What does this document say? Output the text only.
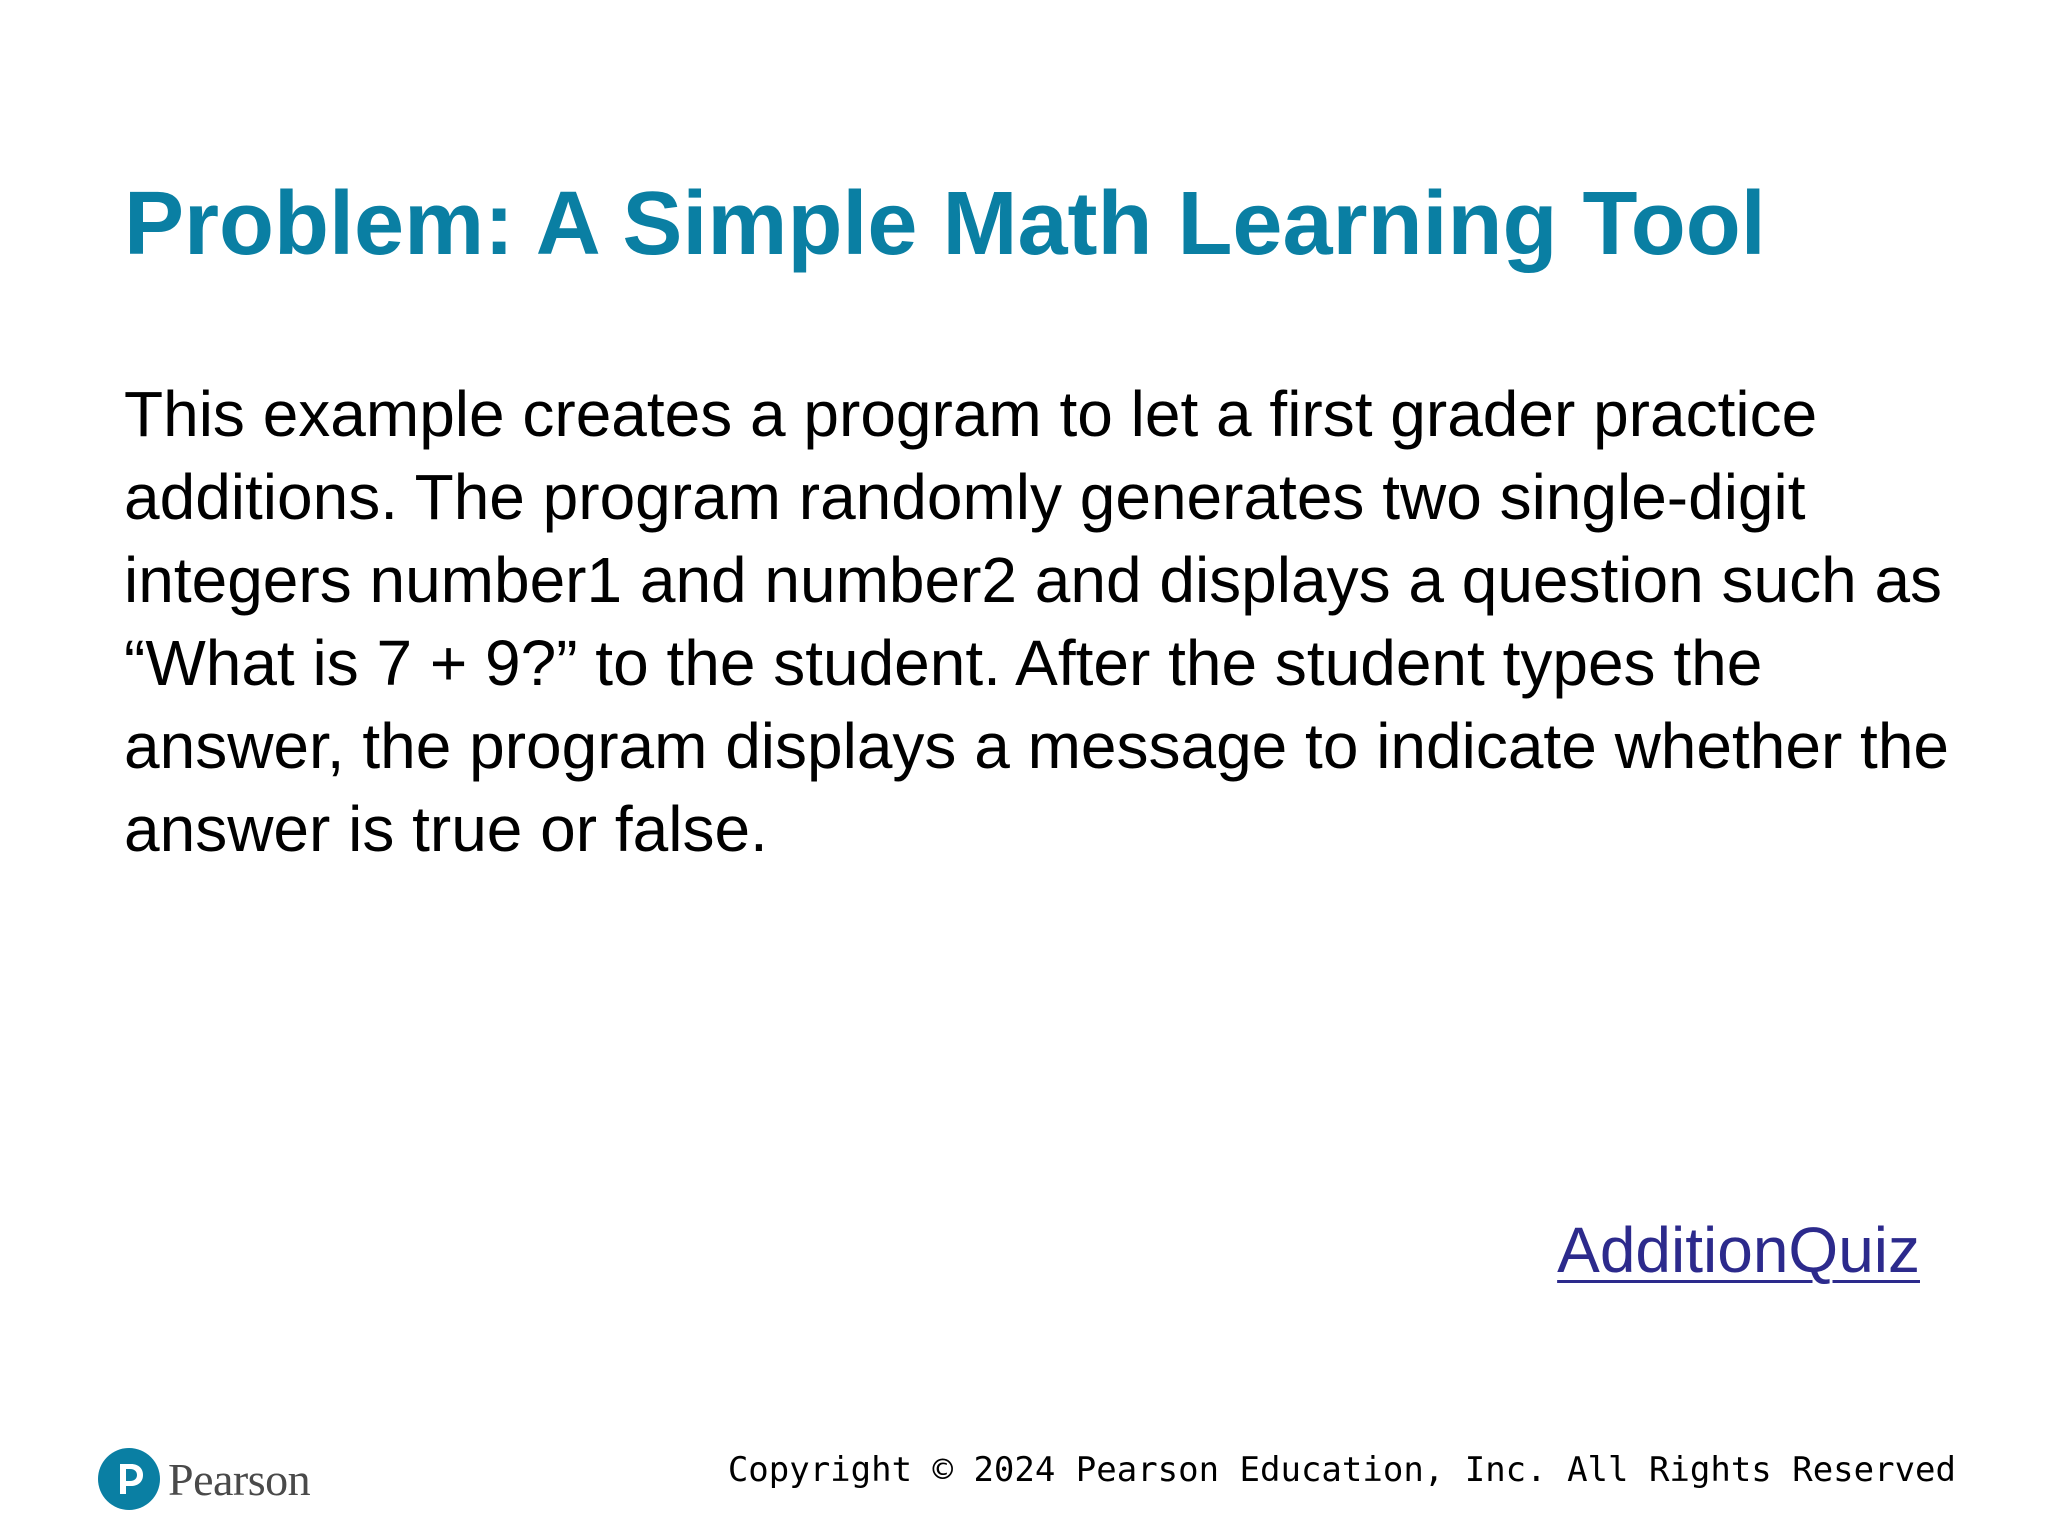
Problem: A Simple Math Learning Tool

This example creates a program to let a first grader practice additions. The program randomly generates two single-digit integers number1 and number2 and displays a question such as “What is 7 + 9?” to the student. After the student types the answer, the program displays a message to indicate whether the answer is true or false.

AdditionQuiz
Pearson	Copyright © 2024 Pearson Education, Inc. All Rights Reserved
